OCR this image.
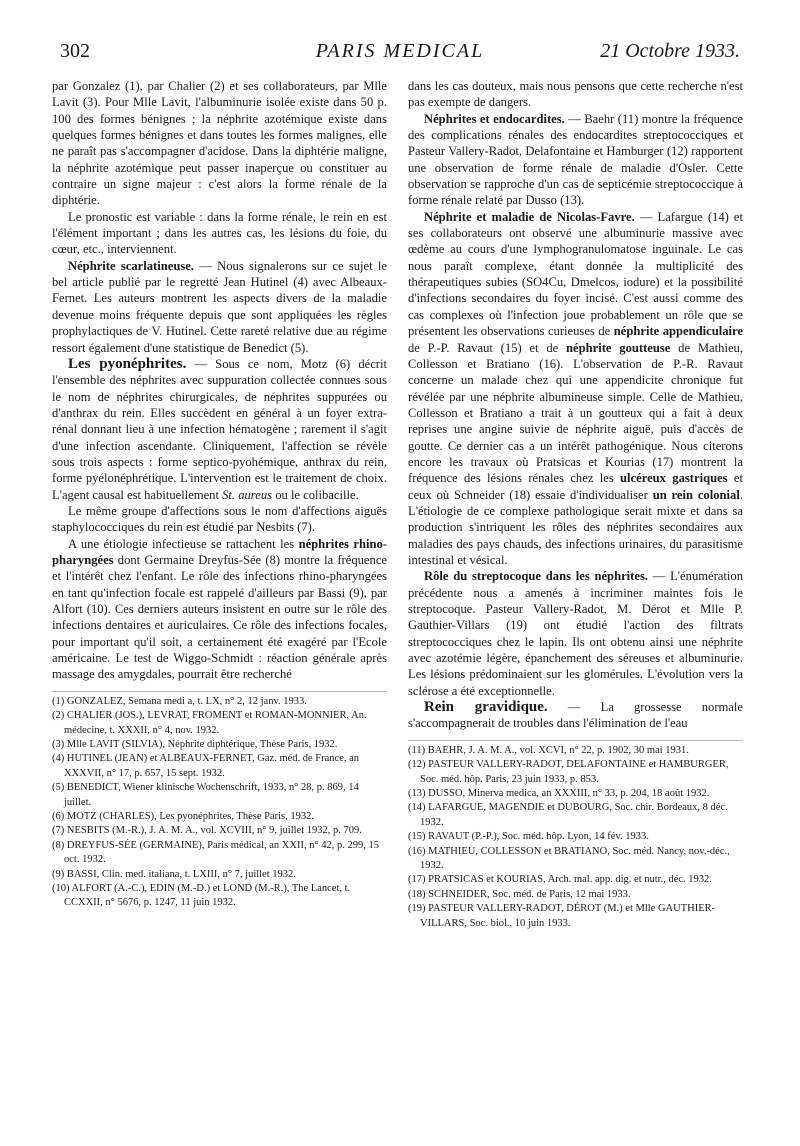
302	PARIS MEDICAL	21 Octobre 1933.

par Gonzalez (1), par Chalier (2) et ses collaborateurs, par Mlle Lavit (3). Pour Mlle Lavit, l'albuminurie isolée existe dans 50 p. 100 des formes bénignes ; la néphrite azotémique existe dans quelques formes bénignes et dans toutes les formes malignes, elle ne paraît pas s'accompagner d'acidose. Dans la diphtérie maligne, la néphrite azotémique peut passer inaperçue ou constituer au contraire un signe majeur : c'est alors la forme rénale de la diphtérie.

Le pronostic est variable : dans la forme rénale, le rein en est l'élément important ; dans les autres cas, les lésions du foie, du cœur, etc., interviennent.

Néphrite scarlatineuse. — Nous signalerons sur ce sujet le bel article publié par le regretté Jean Hutinel (4) avec Albeaux-Fernet. Les auteurs montrent les aspects divers de la maladie devenue moins fréquente depuis que sont appliquées les règles prophylactiques de V. Hutinel. Cette rareté relative due au régime ressort également d'une statistique de Benedict (5).

Les pyonéphrites. — Sous ce nom, Motz (6) décrit l'ensemble des néphrites avec suppuration collectée connues sous le nom de néphrites chirurgicales, de néphrites suppurées ou d'anthrax du rein. Elles succèdent en général à un foyer extra-rénal donnant lieu à une infection hématogène ; rarement il s'agit d'une infection ascendante. Cliniquement, l'affection se révèle sous trois aspects : forme septico-pyohémique, anthrax du rein, forme pyélonéphrétique. L'intervention est le traitement de choix. L'agent causal est habituellement St. aureus ou le colibacille.

Le même groupe d'affections sous le nom d'affections aiguës staphylococciques du rein est étudié par Nesbits (7).

A une étiologie infectieuse se rattachent les néphrites rhino-pharyngées dont Germaine Dreyfus-Sée (8) montre la fréquence et l'intérêt chez l'enfant. Le rôle des infections rhino-pharyngées en tant qu'infection focale est rappelé d'ailleurs par Bassi (9), par Alfort (10). Ces derniers auteurs insistent en outre sur le rôle des infections dentaires et auriculaires. Ce rôle des infections focales, pour important qu'il soit, a certainement été exagéré par l'Ecole américaine. Le test de Wiggo-Schmidt : réaction générale après massage des amygdales, pourrait être recherché

(1) GONZALEZ, Semana medi a, t. LX, n° 2, 12 janv. 1933.
(2) CHALIER (JOS.), LEVRAT, FROMENT et ROMAN-MONNIER, An. médecine, t. XXXII, n° 4, nov. 1932.
(3) Mlle LAVIT (SILVIA), Néphrite diphtérique, Thèse Paris, 1932.
(4) HUTINEL (JEAN) et ALBEAUX-FERNET, Gaz. méd. de France, an XXXVII, n° 17, p. 657, 15 sept. 1932.
(5) BENEDICT, Wiener klinische Wochenschrift, 1933, n° 28, p. 869, 14 juillet.
(6) MOTZ (CHARLES), Les pyonéphrites, Thèse Paris, 1932.
(7) NESBITS (M.-R.), J. A. M. A., vol. XCVIII, n° 9, juillet 1932, p. 709.
(8) DREYFUS-SÉE (GERMAINE), Paris médical, an XXII, n° 42, p. 299, 15 oct. 1932.
(9) BASSI, Clin. med. italiana, t. LXIII, n° 7, juillet 1932.
(10) ALFORT (A.-C.), EDIN (M.-D.) et LOND (M.-R.), The Lancet, t. CCXXII, n° 5676, p. 1247, 11 juin 1932.

dans les cas douteux, mais nous pensons que cette recherche n'est pas exempte de dangers.

Néphrites et endocardites. — Baehr (11) montre la fréquence des complications rénales des endocardites streptococciques et Pasteur Vallery-Radot, Delafontaine et Hamburger (12) rapportent une observation de forme rénale de maladie d'Osler. Cette observation se rapproche d'un cas de septicémie streptococcique à forme rénale relaté par Dusso (13).

Néphrite et maladie de Nicolas-Favre. — Lafargue (14) et ses collaborateurs ont observé une albuminurie massive avec œdème au cours d'une lymphogranulomatose inguinale. Le cas nous paraît complexe, étant donnée la multiplicité des thérapeutiques subies (SO4Cu, Dmelcos, iodure) et la possibilité d'infections secondaires du foyer incisé. C'est aussi comme des cas complexes où l'infection joue probablement un rôle que se présentent les observations curieuses de néphrite appendiculaire de P.-P. Ravaut (15) et de néphrite goutteuse de Mathieu, Collesson et Bratiano (16). L'observation de P.-R. Ravaut concerne un malade chez qui une appendicite chronique fut révélée par une néphrite albumineuse simple. Celle de Mathieu, Collesson et Bratiano a trait à un goutteux qui a fait à deux reprises une angine suivie de néphrite aiguë, puis d'accès de goutte. Ce dernier cas a un intérêt pathogénique. Nous citerons encore les travaux où Pratsicas et Kourias (17) montrent la fréquence des lésions rénales chez les ulcéreux gastriques et ceux où Schneider (18) essaie d'individualiser un rein colonial. L'étiologie de ce complexe pathologique serait mixte et dans sa production s'intriquent les rôles des néphrites secondaires aux maladies des pays chauds, des infections urinaires, du parasitisme intestinal et vésical.

Rôle du streptocoque dans les néphrites. — L'énumération précédente nous a amenés à incriminer maintes fois le streptocoque. Pasteur Vallery-Radot, M. Dérot et Mlle P. Gauthier-Villars (19) ont étudié l'action des filtrats streptococciques chez le lapin. Ils ont obtenu ainsi une néphrite avec azotémie légère, épanchement des séreuses et albuminurie. Les lésions prédominaient sur les glomérules. L'évolution vers la sclérose a été exceptionnelle.

Rein gravidique. — La grossesse normale s'accompagnerait de troubles dans l'élimination de l'eau

(11) BAEHR, J. A. M. A., vol. XCVI, n° 22, p. 1902, 30 mai 1931.
(12) PASTEUR VALLERY-RADOT, DELAFONTAINE et HAMBURGER, Soc. méd. hôp. Paris, 23 juin 1933, p. 853.
(13) DUSSO, Minerva medica, an XXXIII, n° 33, p. 204, 18 août 1932.
(14) LAFARGUE, MAGENDIE et DUBOURG, Soc. chir. Bordeaux, 8 déc. 1932.
(15) RAVAUT (P.-P.), Soc. méd. hôp. Lyon, 14 fév. 1933.
(16) MATHIEU, COLLESSON et BRATIANO, Soc. méd. Nancy, nov.-déc., 1932.
(17) PRATSICAS et KOURIAS, Arch. mal. app. dig. et nutr., déc. 1932.
(18) SCHNEIDER, Soc. méd. de Paris, 12 mai 1933.
(19) PASTEUR VALLERY-RADOT, DÉROT (M.) et Mlle GAUTHIER-VILLARS, Soc. biol., 10 juin 1933.
